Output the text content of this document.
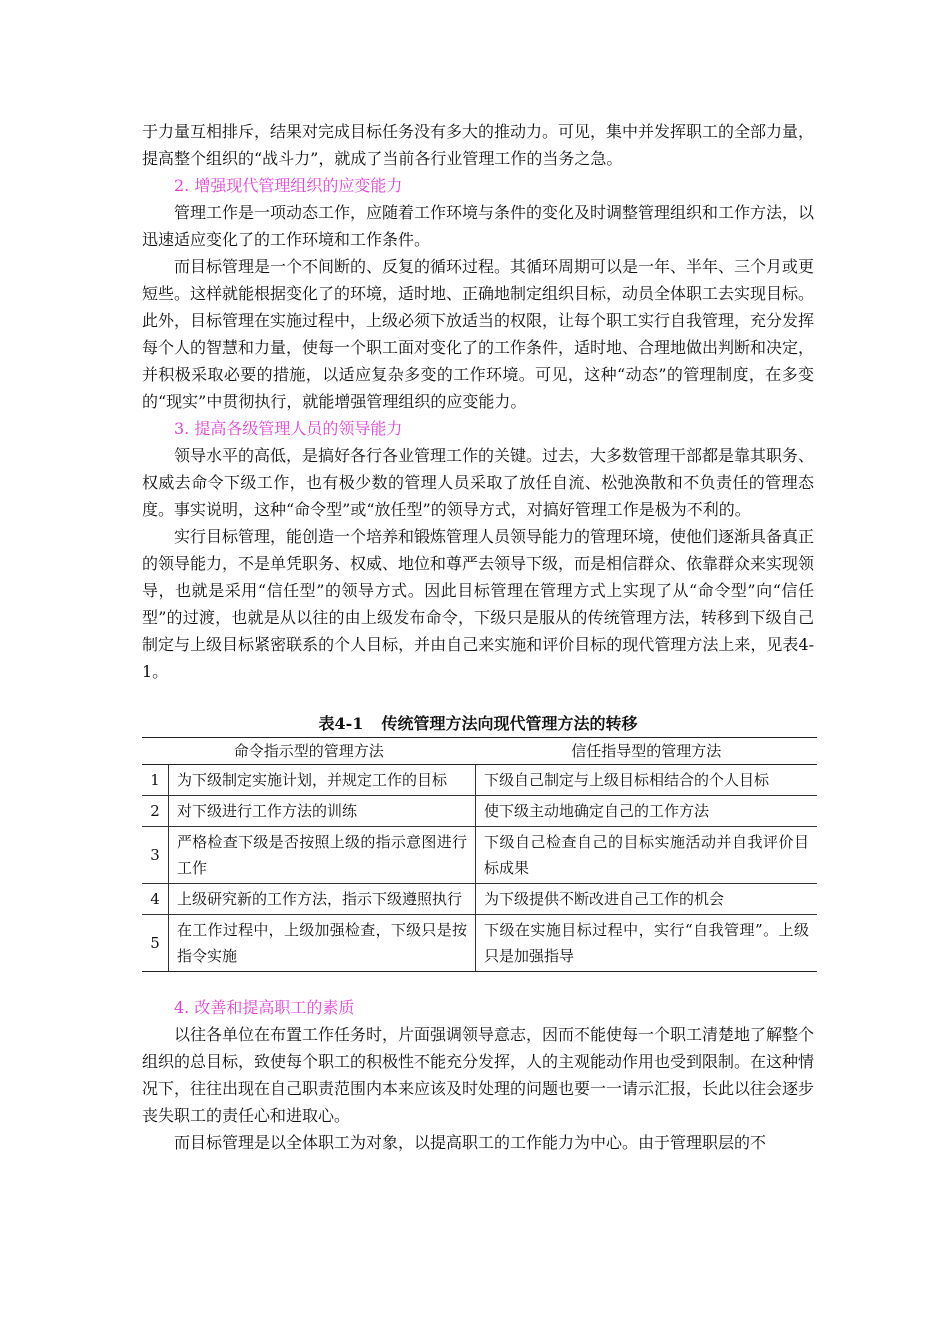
于力量互相排斥，结果对完成目标任务没有多大的推动力。可见，集中并发挥职工的全部力量，提高整个组织的“战斗力”，就成了当前各行业管理工作的当务之急。

2. 增强现代管理组织的应变能力

管理工作是一项动态工作，应随着工作环境与条件的变化及时调整管理组织和工作方法，以迅速适应变化了的工作环境和工作条件。

而目标管理是一个不间断的、反复的循环过程。其循环周期可以是一年、半年、三个月或更短些。这样就能根据变化了的环境，适时地、正确地制定组织目标，动员全体职工去实现目标。此外，目标管理在实施过程中，上级必须下放适当的权限，让每个职工实行自我管理，充分发挥每个人的智慧和力量，使每一个职工面对变化了的工作条件，适时地、合理地做出判断和决定，并积极采取必要的措施，以适应复杂多变的工作环境。可见，这种“动态”的管理制度，在多变的“现实”中贯彻执行，就能增强管理组织的应变能力。

3. 提高各级管理人员的领导能力

领导水平的高低，是搞好各行各业管理工作的关键。过去，大多数管理干部都是靠其职务、权威去命令下级工作，也有极少数的管理人员采取了放任自流、松弛涣散和不负责任的管理态度。事实说明，这种“命令型”或“放任型”的领导方式，对搞好管理工作是极为不利的。

实行目标管理，能创造一个培养和锻炼管理人员领导能力的管理环境，使他们逐渐具备真正的领导能力，不是单凭职务、权威、地位和尊严去领导下级，而是相信群众、依靠群众来实现领导，也就是采用“信任型”的领导方式。因此目标管理在管理方式上实现了从“命令型”向“信任型”的过渡，也就是从以往的由上级发布命令，下级只是服从的传统管理方法，转移到下级自己制定与上级目标紧密联系的个人目标，并由自己来实施和评价目标的现代管理方法上来，见表4-1。

表4-1 传统管理方法向现代管理方法的转移

命令指示型的管理方法		信任指导型的管理方法
1	为下级制定实施计划，并规定工作的目标	下级自己制定与上级目标相结合的个人目标
2	对下级进行工作方法的训练	使下级主动地确定自己的工作方法
3	严格检查下级是否按照上级的指示意图进行工作	下级自己检查自己的目标实施活动并自我评价目标成果
4	上级研究新的工作方法，指示下级遵照执行	为下级提供不断改进自己工作的机会
5	在工作过程中，上级加强检查，下级只是按指令实施	下级在实施目标过程中，实行“自我管理”。上级只是加强指导

4. 改善和提高职工的素质

以往各单位在布置工作任务时，片面强调领导意志，因而不能使每一个职工清楚地了解整个组织的总目标，致使每个职工的积极性不能充分发挥，人的主观能动作用也受到限制。在这种情况下，往往出现在自己职责范围内本来应该及时处理的问题也要一一请示汇报，长此以往会逐步丧失职工的责任心和进取心。

而目标管理是以全体职工为对象，以提高职工的工作能力为中心。由于管理职层的不
